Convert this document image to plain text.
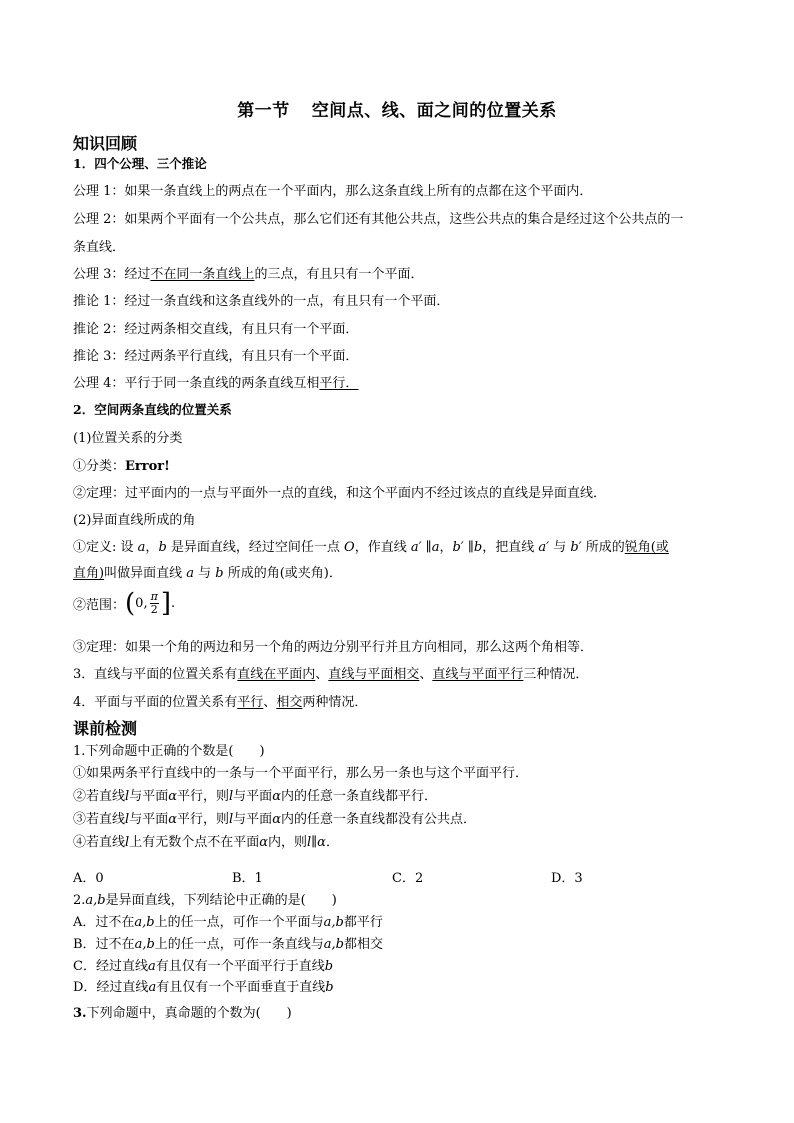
第一节 空间点、线、面之间的位置关系
知识回顾
1．四个公理、三个推论
公理 1：如果一条直线上的两点在一个平面内，那么这条直线上所有的点都在这个平面内．
公理 2：如果两个平面有一个公共点，那么它们还有其他公共点，这些公共点的集合是经过这个公共点的一
条直线．
公理 3：经过不在同一条直线上的三点，有且只有一个平面．
推论 1：经过一条直线和这条直线外的一点，有且只有一个平面．
推论 2：经过两条相交直线，有且只有一个平面．
推论 3：经过两条平行直线，有且只有一个平面．
公理 4：平行于同一条直线的两条直线互相平行．
2．空间两条直线的位置关系
(1)位置关系的分类
①分类：Error!
②定理：过平面内的一点与平面外一点的直线，和这个平面内不经过该点的直线是异面直线．
(2)异面直线所成的角
①定义: 设 a，b 是异面直线，经过空间任一点 O，作直线 a′ ∥a，b′ ∥b，把直线 a′ 与 b′ 所成的锐角(或
直角)叫做异面直线 a 与 b 所成的角(或夹角)．
②范围：(0, $\frac{\pi}{2}$ ].
③定理：如果一个角的两边和另一个角的两边分别平行并且方向相同，那么这两个角相等．
3．直线与平面的位置关系有直线在平面内、直线与平面相交、直线与平面平行三种情况．
4．平面与平面的位置关系有平行、相交两种情况．
课前检测
1.下列命题中正确的个数是(　　)
①如果两条平行直线中的一条与一个平面平行，那么另一条也与这个平面平行．
②若直线l与平面α平行，则l与平面α内的任意一条直线都平行．
③若直线l与平面α平行，则l与平面α内的任意一条直线都没有公共点．
④若直线l上有无数个点不在平面α内，则l∥α．
A．0	B．1	C．2	D．3
2.a,b是异面直线，下列结论中正确的是(　　)
A．过不在a,b上的任一点，可作一个平面与a,b都平行
B．过不在a,b上的任一点，可作一条直线与a,b都相交
C．经过直线a有且仅有一个平面平行于直线b
D．经过直线a有且仅有一个平面垂直于直线b
3.下列命题中，真命题的个数为(　　)
